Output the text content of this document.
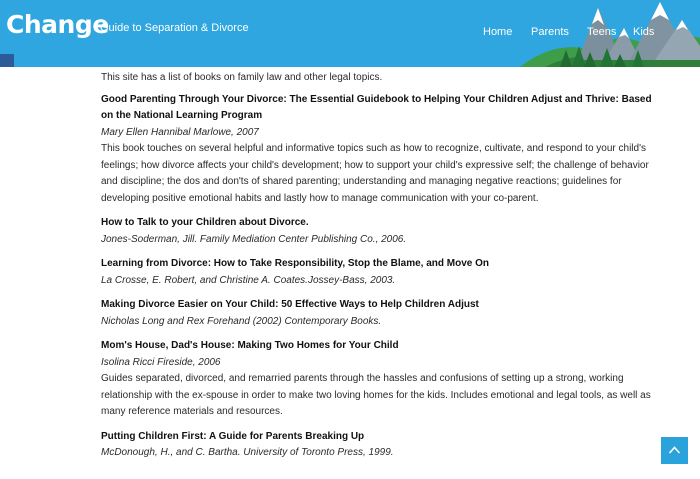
Change
Guide to Separation & Divorce	Home Parents Teens Kids

This site has a list of books on family law and other legal topics.

Good Parenting Through Your Divorce: The Essential Guidebook to Helping Your Children Adjust and Thrive: Based on the National Learning Program
Mary Ellen Hannibal Marlowe, 2007
This book touches on several helpful and informative topics such as how to recognize, cultivate, and respond to your child's feelings; how divorce affects your child's development; how to support your child's expressive self; the challenge of behavior and discipline; the dos and don'ts of shared parenting; understanding and managing negative reactions; guidelines for developing positive emotional habits and lastly how to manage communication with your co-parent.
How to Talk to your Children about Divorce.
Jones-Soderman, Jill. Family Mediation Center Publishing Co., 2006.
Learning from Divorce: How to Take Responsibility, Stop the Blame, and Move On
La Crosse, E. Robert, and Christine A. Coates.Jossey-Bass, 2003.
Making Divorce Easier on Your Child: 50 Effective Ways to Help Children Adjust
Nicholas Long and Rex Forehand (2002) Contemporary Books.
Mom's House, Dad's House: Making Two Homes for Your Child
Isolina Ricci Fireside, 2006
Guides separated, divorced, and remarried parents through the hassles and confusions of setting up a strong, working relationship with the ex-spouse in order to make two loving homes for the kids. Includes emotional and legal tools, as well as many reference materials and resources.
Putting Children First: A Guide for Parents Breaking Up
McDonough, H., and C. Bartha. University of Toronto Press, 1999.
